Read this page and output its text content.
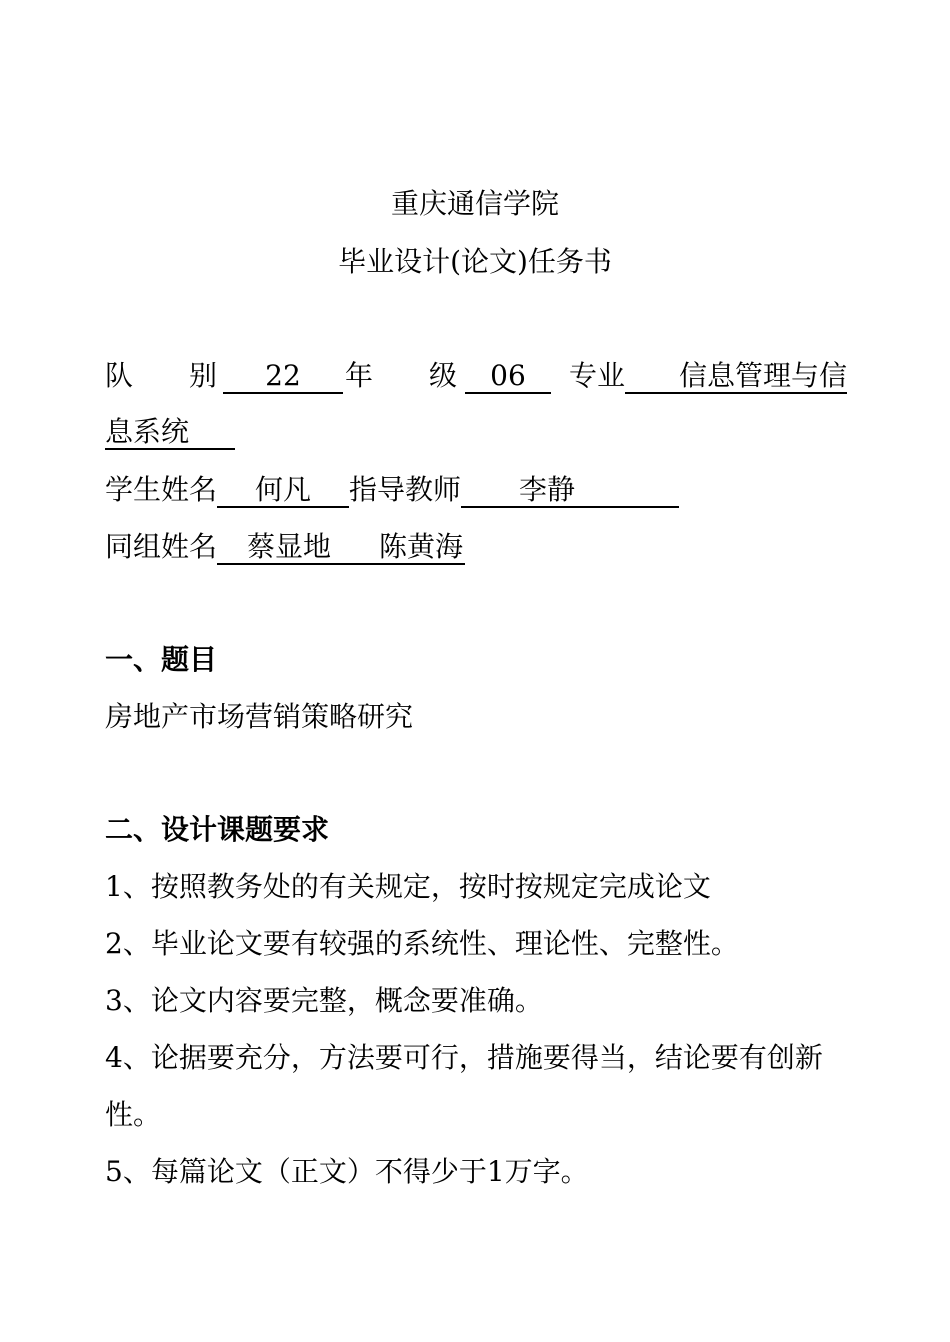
重庆通信学院
毕业设计(论文)任务书
队　　别 22 年　　级 06 专业 信息管理与信
息系统
学生姓名 何凡 指导教师 李静
同组姓名 蔡显地 陈黄海
一、题目
房地产市场营销策略研究
二、设计课题要求
1、按照教务处的有关规定，按时按规定完成论文
2、毕业论文要有较强的系统性、理论性、完整性。
3、论文内容要完整，概念要准确。
4、论据要充分，方法要可行，措施要得当，结论要有创新
性。
5、每篇论文（正文）不得少于1万字。
